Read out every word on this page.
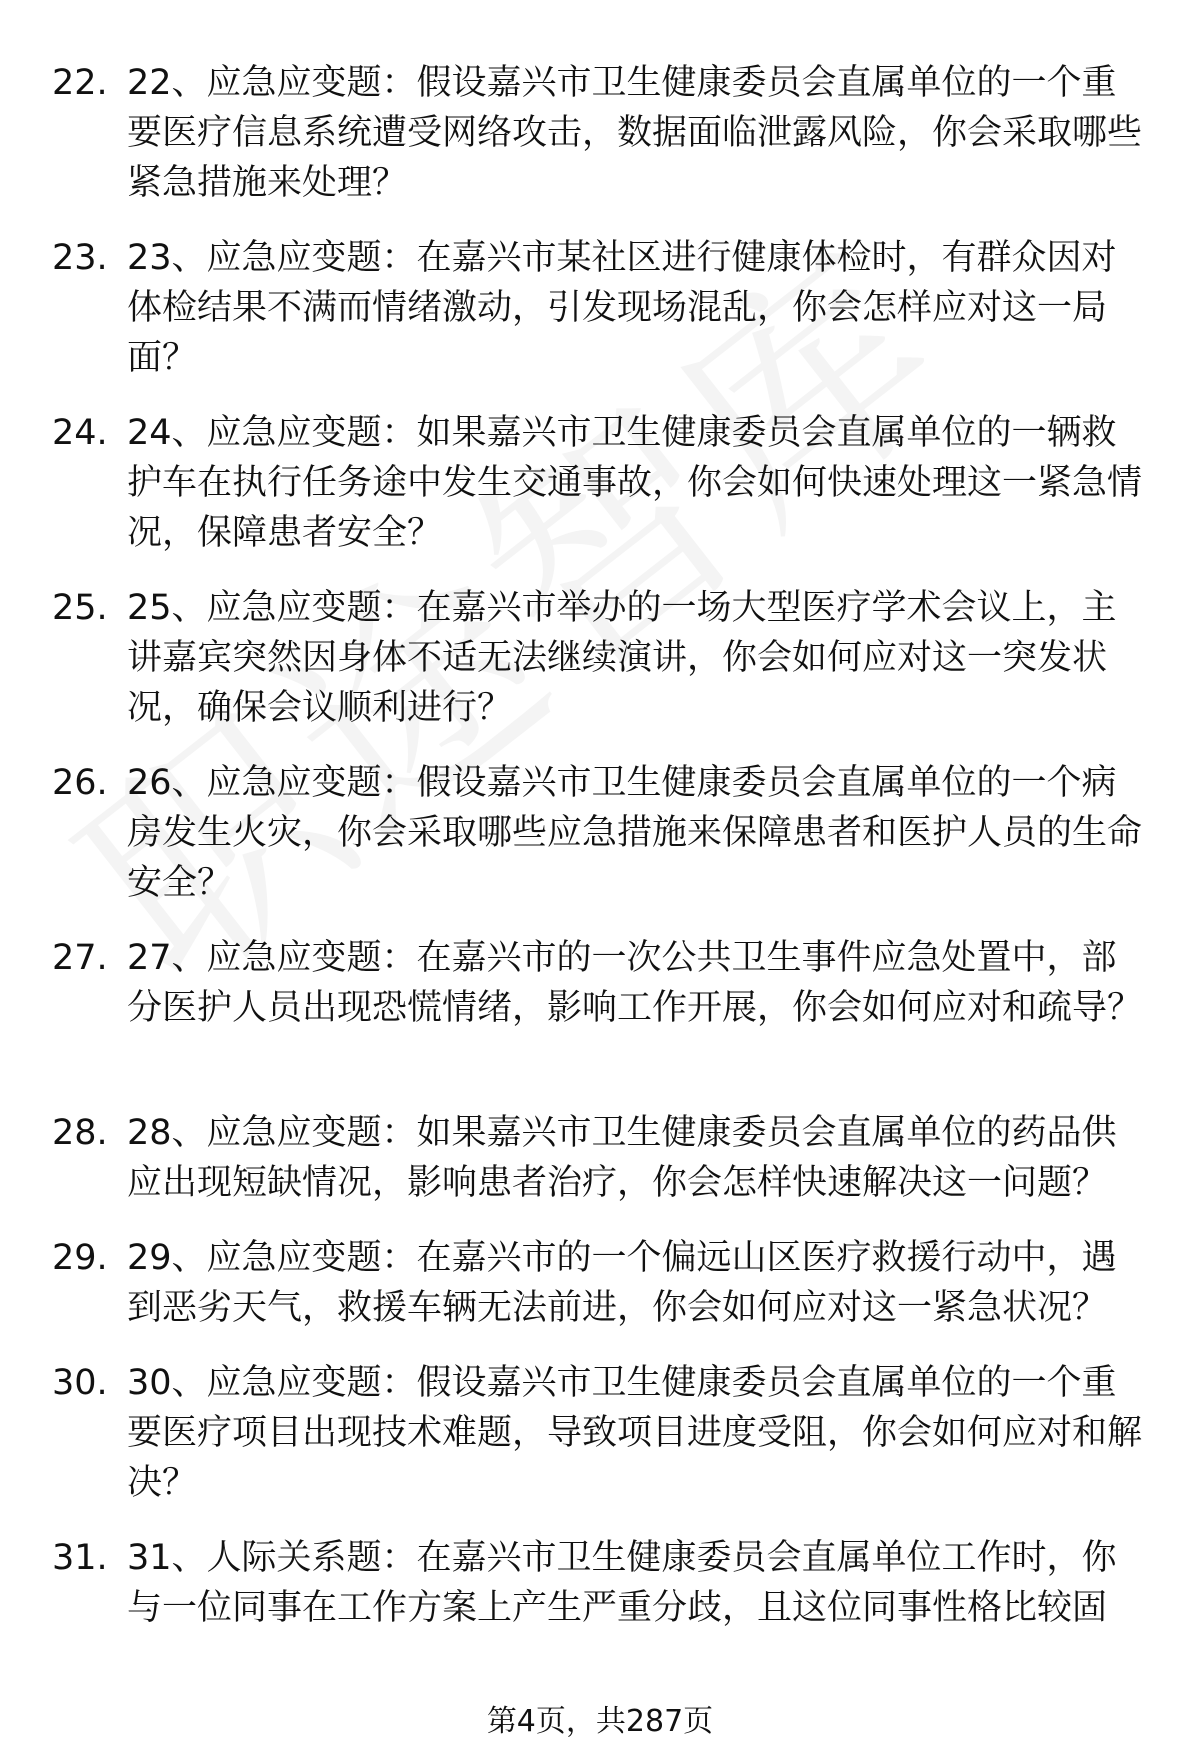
22. 22、应急应变题：假设嘉兴市卫生健康委员会直属单位的一个重要医疗信息系统遭受网络攻击，数据面临泄露风险，你会采取哪些紧急措施来处理？
23. 23、应急应变题：在嘉兴市某社区进行健康体检时，有群众因对体检结果不满而情绪激动，引发现场混乱，你会怎样应对这一局面？
24. 24、应急应变题：如果嘉兴市卫生健康委员会直属单位的一辆救护车在执行任务途中发生交通事故，你会如何快速处理这一紧急情况，保障患者安全？
25. 25、应急应变题：在嘉兴市举办的一场大型医疗学术会议上，主讲嘉宾突然因身体不适无法继续演讲，你会如何应对这一突发状况，确保会议顺利进行？
26. 26、应急应变题：假设嘉兴市卫生健康委员会直属单位的一个病房发生火灾，你会采取哪些应急措施来保障患者和医护人员的生命安全？
27. 27、应急应变题：在嘉兴市的一次公共卫生事件应急处置中，部分医护人员出现恐慌情绪，影响工作开展，你会如何应对和疏导？
28. 28、应急应变题：如果嘉兴市卫生健康委员会直属单位的药品供应出现短缺情况，影响患者治疗，你会怎样快速解决这一问题？
29. 29、应急应变题：在嘉兴市的一个偏远山区医疗救援行动中，遇到恶劣天气，救援车辆无法前进，你会如何应对这一紧急状况？
30. 30、应急应变题：假设嘉兴市卫生健康委员会直属单位的一个重要医疗项目出现技术难题，导致项目进度受阻，你会如何应对和解决？
31. 31、人际关系题：在嘉兴市卫生健康委员会直属单位工作时，你与一位同事在工作方案上产生严重分歧，且这位同事性格比较固
第4页，共287页
